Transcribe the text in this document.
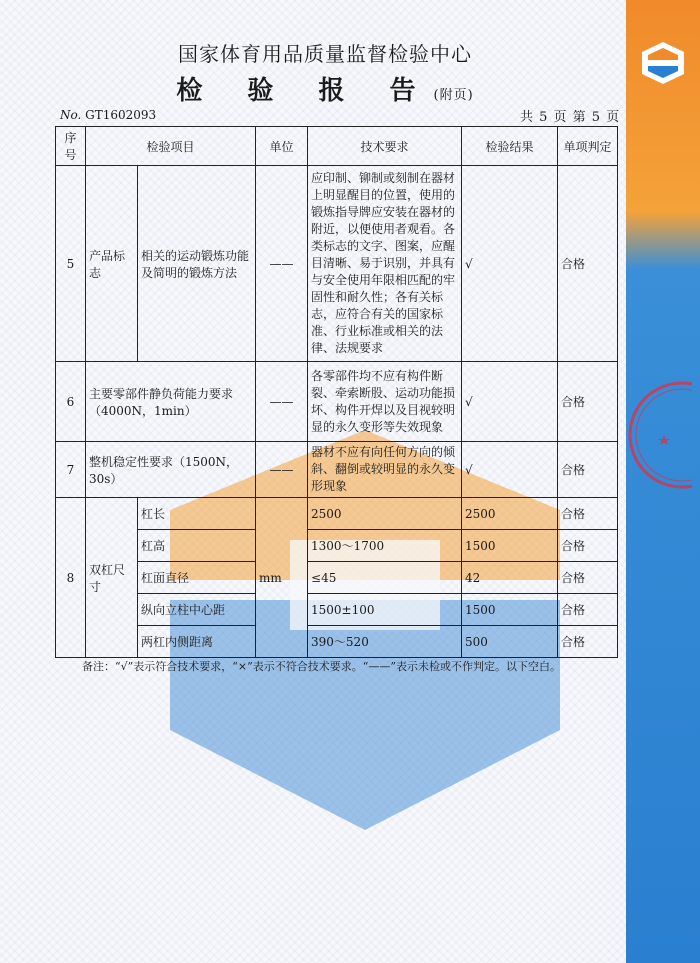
国家体育用品质量监督检验中心
检 验 报 告(附页)
No. GT1602093	共 5 页 第 5 页
序号	检验项目		单位	技术要求	检验结果	单项判定
5	产品标志	相关的运动锻炼功能及简明的锻炼方法	——	应印制、铆制或刻制在器材上明显醒目的位置，使用的锻炼指导牌应安装在器材的附近，以便使用者观看。各类标志的文字、图案，应醒目清晰、易于识别，并具有与安全使用年限相匹配的牢固性和耐久性；各有关标志，应符合有关的国家标准、行业标准或相关的法律、法规要求	√	合格
6	主要零部件静负荷能力要求（4000N，1min）		——	各零部件均不应有构件断裂、牵索断股、运动功能损坏、构件开焊以及目视较明显的永久变形等失效现象	√	合格
7	整机稳定性要求（1500N，30s）		——	器材不应有向任何方向的倾斜、翻倒或较明显的永久变形现象	√	合格
8	双杠尺寸	杠长	mm	2500	2500	合格
		杠高		1300～1700	1500	合格
		杠面直径		≤45	42	合格
		纵向立柱中心距		1500±100	1500	合格
		两杠内侧距离		390～520	500	合格
备注：“√”表示符合技术要求，“×”表示不符合技术要求。“——”表示未检或不作判定。以下空白。
